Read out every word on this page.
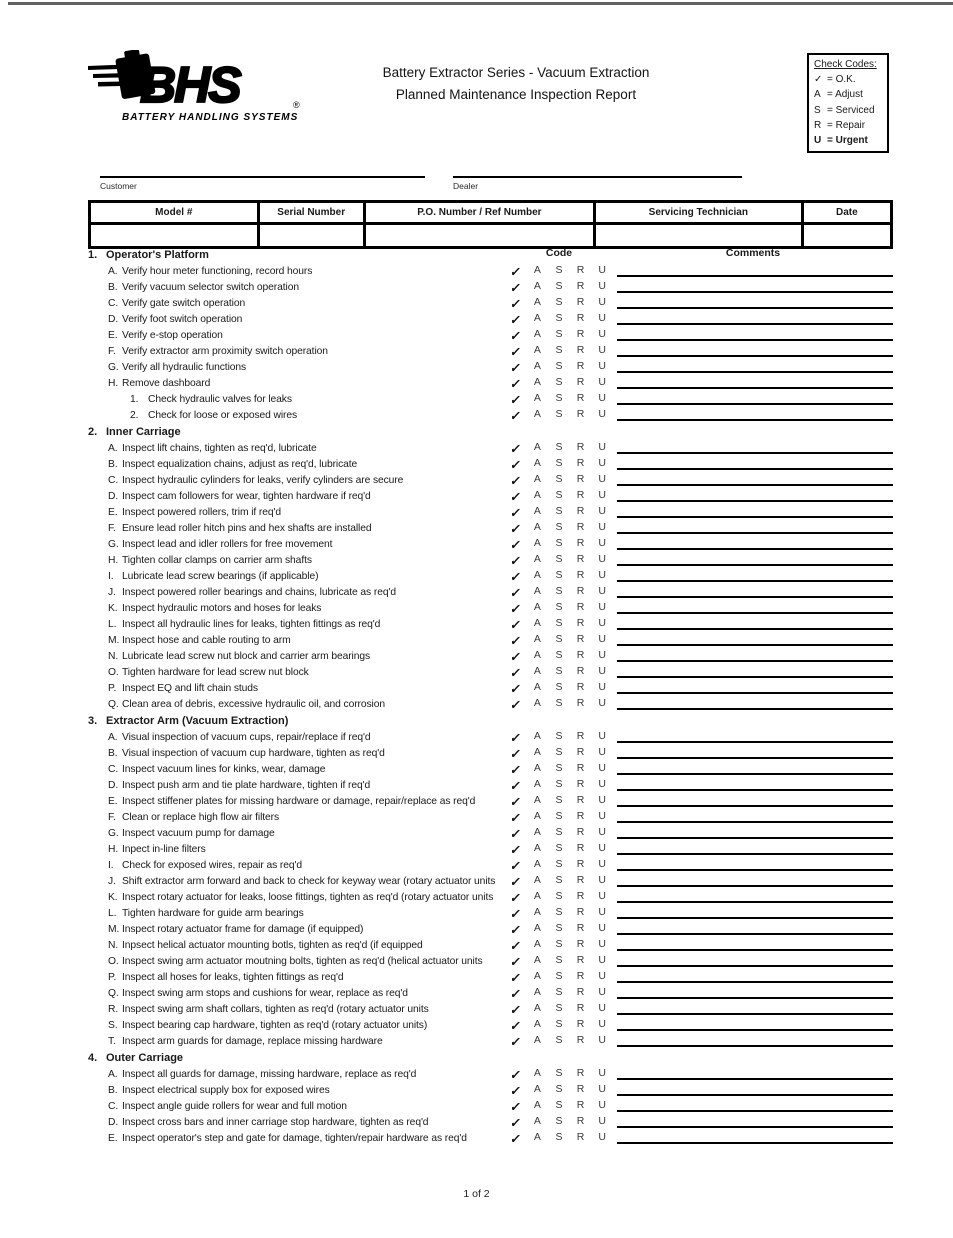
BHS	®
BATTERY HANDLING SYSTEMS
Battery Extractor Series - Vacuum Extraction
Planned Maintenance Inspection Report
Check Codes:
✓ = O.K.
A = Adjust
S = Serviced
R = Repair
U = Urgent
Customer	Dealer
Model #	Serial Number	P.O. Number / Ref Number	Servicing Technician	Date
1. Operator's Platform	Code	Comments
A. Verify hour meter functioning, record hours	✓	A	S	R	U
B. Verify vacuum selector switch operation	✓	A	S	R	U
C. Verify gate switch operation	✓	A	S	R	U
D. Verify foot switch operation	✓	A	S	R	U
E. Verify e-stop operation	✓	A	S	R	U
F. Verify extractor arm proximity switch operation	✓	A	S	R	U
G. Verify all hydraulic functions	✓	A	S	R	U
H. Remove dashboard	✓	A	S	R	U
1. Check hydraulic valves for leaks	✓	A	S	R	U
2. Check for loose or exposed wires	✓	A	S	R	U
2. Inner Carriage
A. Inspect lift chains, tighten as req'd, lubricate	✓	A	S	R	U
B. Inspect equalization chains, adjust as req'd, lubricate	✓	A	S	R	U
C. Inspect hydraulic cylinders for leaks, verify cylinders are secure	✓	A	S	R	U
D. Inspect cam followers for wear, tighten hardware if req'd	✓	A	S	R	U
E. Inspect powered rollers, trim if req'd	✓	A	S	R	U
F. Ensure lead roller hitch pins and hex shafts are installed	✓	A	S	R	U
G. Inspect lead and idler rollers for free movement	✓	A	S	R	U
H. Tighten collar clamps on carrier arm shafts	✓	A	S	R	U
I. Lubricate lead screw bearings (if applicable)	✓	A	S	R	U
J. Inspect powered roller bearings and chains, lubricate as req'd	✓	A	S	R	U
K. Inspect hydraulic motors and hoses for leaks	✓	A	S	R	U
L. Inspect all hydraulic lines for leaks, tighten fittings as req'd	✓	A	S	R	U
M. Inspect hose and cable routing to arm	✓	A	S	R	U
N. Lubricate lead screw nut block and carrier arm bearings	✓	A	S	R	U
O. Tighten hardware for lead screw nut block	✓	A	S	R	U
P. Inspect EQ and lift chain studs	✓	A	S	R	U
Q. Clean area of debris, excessive hydraulic oil, and corrosion	✓	A	S	R	U
3. Extractor Arm (Vacuum Extraction)
A. Visual inspection of vacuum cups, repair/replace if req'd	✓	A	S	R	U
B. Visual inspection of vacuum cup hardware, tighten as req'd	✓	A	S	R	U
C. Inspect vacuum lines for kinks, wear, damage	✓	A	S	R	U
D. Inspect push arm and tie plate hardware, tighten if req'd	✓	A	S	R	U
E. Inspect stiffener plates for missing hardware or damage, repair/replace as req'd	✓	A	S	R	U
F. Clean or replace high flow air filters	✓	A	S	R	U
G. Inspect vacuum pump for damage	✓	A	S	R	U
H. Inpect in-line filters	✓	A	S	R	U
I. Check for exposed wires, repair as req'd	✓	A	S	R	U
J. Shift extractor arm forward and back to check for keyway wear (rotary actuator units	✓	A	S	R	U
K. Inspect rotary actuator for leaks, loose fittings, tighten as req'd (rotary actuator units	✓	A	S	R	U
L. Tighten hardware for guide arm bearings	✓	A	S	R	U
M. Inspect rotary actuator frame for damage (if equipped)	✓	A	S	R	U
N. Inpsect helical actuator mounting botls, tighten as req'd (if equipped	✓	A	S	R	U
O. Inspect swing arm actuator moutning bolts, tighten as req'd (helical actuator units	✓	A	S	R	U
P. Inspect all hoses for leaks, tighten fittings as req'd	✓	A	S	R	U
Q. Inspect swing arm stops and cushions for wear, replace as req'd	✓	A	S	R	U
R. Inspect swing arm shaft collars, tighten as req'd (rotary actuator units	✓	A	S	R	U
S. Inspect bearing cap hardware, tighten as req'd (rotary actuator units)	✓	A	S	R	U
T. Inspect arm guards for damage, replace missing hardware	✓	A	S	R	U
4. Outer Carriage
A. Inspect all guards for damage, missing hardware, replace as req'd	✓	A	S	R	U
B. Inspect electrical supply box for exposed wires	✓	A	S	R	U
C. Inspect angle guide rollers for wear and full motion	✓	A	S	R	U
D. Inspect cross bars and inner carriage stop hardware, tighten as req'd	✓	A	S	R	U
E. Inspect operator's step and gate for damage, tighten/repair hardware as req'd	✓	A	S	R	U
1 of 2
